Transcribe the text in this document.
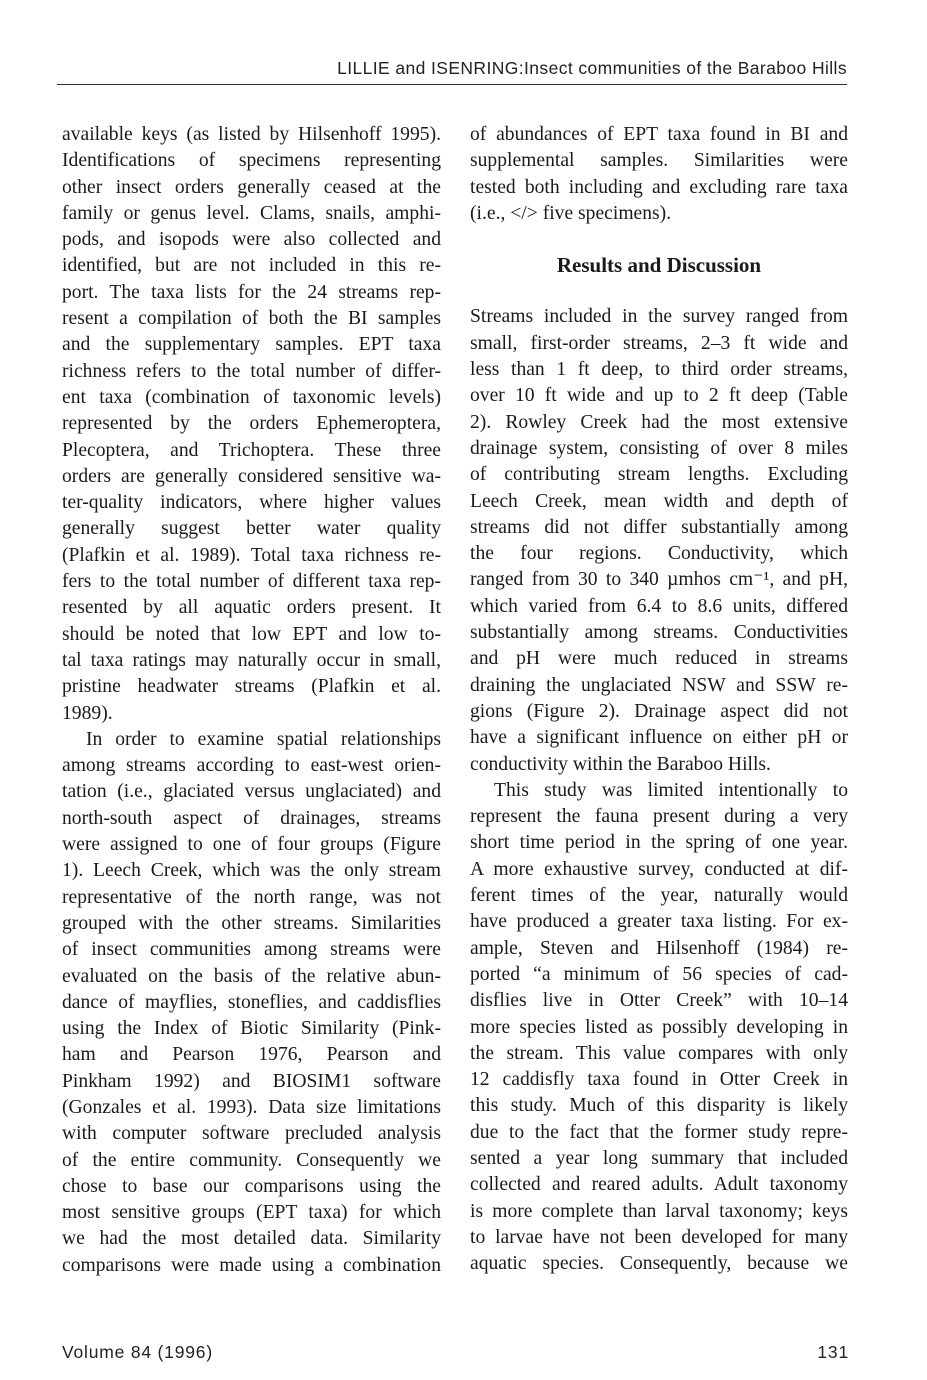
LILLIE and ISENRING:Insect communities of the Baraboo Hills
available keys (as listed by Hilsenhoff 1995).
Identifications of specimens representing
other insect orders generally ceased at the
family or genus level. Clams, snails, amphi-
pods, and isopods were also collected and
identified, but are not included in this re-
port. The taxa lists for the 24 streams rep-
resent a compilation of both the BI samples
and the supplementary samples. EPT taxa
richness refers to the total number of differ-
ent taxa (combination of taxonomic levels)
represented by the orders Ephemeroptera,
Plecoptera, and Trichoptera. These three
orders are generally considered sensitive wa-
ter-quality indicators, where higher values
generally suggest better water quality
(Plafkin et al. 1989). Total taxa richness re-
fers to the total number of different taxa rep-
resented by all aquatic orders present. It
should be noted that low EPT and low to-
tal taxa ratings may naturally occur in small,
pristine headwater streams (Plafkin et al.
1989).
In order to examine spatial relationships
among streams according to east-west orien-
tation (i.e., glaciated versus unglaciated) and
north-south aspect of drainages, streams
were assigned to one of four groups (Figure
1). Leech Creek, which was the only stream
representative of the north range, was not
grouped with the other streams. Similarities
of insect communities among streams were
evaluated on the basis of the relative abun-
dance of mayflies, stoneflies, and caddisflies
using the Index of Biotic Similarity (Pink-
ham and Pearson 1976, Pearson and
Pinkham 1992) and BIOSIM1 software
(Gonzales et al. 1993). Data size limitations
with computer software precluded analysis
of the entire community. Consequently we
chose to base our comparisons using the
most sensitive groups (EPT taxa) for which
we had the most detailed data. Similarity
comparisons were made using a combination
of abundances of EPT taxa found in BI and
supplemental samples. Similarities were
tested both including and excluding rare taxa
(i.e., </> five specimens).
Results and Discussion
Streams included in the survey ranged from
small, first-order streams, 2–3 ft wide and
less than 1 ft deep, to third order streams,
over 10 ft wide and up to 2 ft deep (Table
2). Rowley Creek had the most extensive
drainage system, consisting of over 8 miles
of contributing stream lengths. Excluding
Leech Creek, mean width and depth of
streams did not differ substantially among
the four regions. Conductivity, which
ranged from 30 to 340 µmhos cm⁻¹, and pH,
which varied from 6.4 to 8.6 units, differed
substantially among streams. Conductivities
and pH were much reduced in streams
draining the unglaciated NSW and SSW re-
gions (Figure 2). Drainage aspect did not
have a significant influence on either pH or
conductivity within the Baraboo Hills.
This study was limited intentionally to
represent the fauna present during a very
short time period in the spring of one year.
A more exhaustive survey, conducted at dif-
ferent times of the year, naturally would
have produced a greater taxa listing. For ex-
ample, Steven and Hilsenhoff (1984) re-
ported “a minimum of 56 species of cad-
disflies live in Otter Creek” with 10–14
more species listed as possibly developing in
the stream. This value compares with only
12 caddisfly taxa found in Otter Creek in
this study. Much of this disparity is likely
due to the fact that the former study repre-
sented a year long summary that included
collected and reared adults. Adult taxonomy
is more complete than larval taxonomy; keys
to larvae have not been developed for many
aquatic species. Consequently, because we
Volume 84 (1996)	131
